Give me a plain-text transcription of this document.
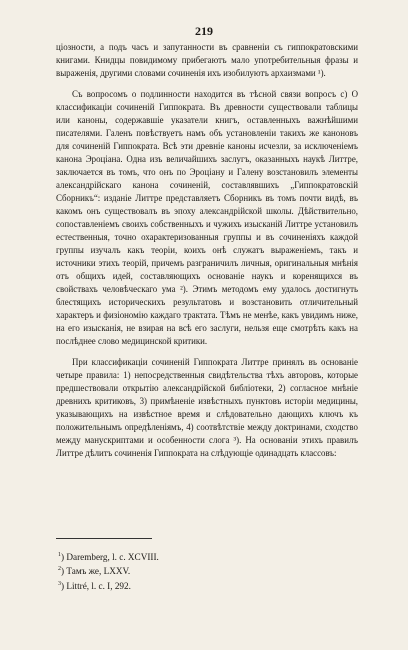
219

ціозности, а подъ часъ и запутанности въ сравненіи съ гиппократовскими книгами. Книдцы повидимому прибегаютъ мало употребительныя фразы и выраженія, другими словами сочиненія ихъ изобилуютъ архаизмами ¹).

Съ вопросомъ о подлинности находится въ тѣсной связи вопросъ с) О классификаціи сочиненій Гиппократа. Въ древности существовали таблицы или каноны, содержавшіе указатели книгъ, оставленныхъ важнѣйшими писателями. Галенъ повѣствуетъ намъ объ установленіи такихъ же каноновъ для сочиненій Гиппократа. Всѣ эти древніе каноны исчезли, за исключеніемъ канона Эроціана. Одна изъ величайшихъ заслугъ, оказанныхъ наукѣ Литтре, заключается въ томъ, что онъ по Эроціану и Галену возстановилъ элементы александрійскаго канона сочиненій, составлявшихъ „Гиппократовскій Сборникъ“: изданіе Литтре представляетъ Сборникъ въ томъ почти видѣ, въ какомъ онъ существовалъ въ эпоху александрійской школы. Дѣйствительно, сопоставленіемъ своихъ собственныхъ и чужихъ изысканій Литтре установилъ естественныя, точно охарактеризованныя группы и въ сочиненіяхъ каждой группы изучалъ какъ теоріи, коихъ онѣ служатъ выраженіемъ, такъ и источники этихъ теорій, причемъ разграничилъ личныя, оригинальныя мнѣнія отъ общихъ идей, составляющихъ основаніе наукъ и коренящихся въ свойствахъ человѣческаго ума ²). Этимъ методомъ ему удалось достигнуть блестящихъ историческихъ результатовъ и возстановить отличительный характеръ и физіономію каждаго трактата. Тѣмъ не менѣе, какъ увидимъ ниже, на его изысканія, не взирая на всѣ его заслуги, нельзя еще смотрѣть какъ на послѣднее слово медицинской критики.

При классификаціи сочиненій Гиппократа Литтре принялъ въ основаніе четыре правила: 1) непосредственныя свидѣтельства тѣхъ авторовъ, которые предшествовали открытію александрійской библіотеки, 2) согласное мнѣніе древнихъ критиковъ, 3) примѣненіе извѣстныхъ пунктовъ исторіи медицины, указывающихъ на извѣстное время и слѣдовательно дающихъ ключъ къ положительнымъ опредѣленіямъ, 4) соотвѣтствіе между доктринами, сходство между манускриптами и особенности слога ³). На основаніи этихъ правилъ Литтре дѣлитъ сочиненія Гиппократа на слѣдующіе одинадцать классовъ:

$^1$) Daremberg, l. c. XCVIII.
$^2$) Тамъ же, LXXV.
$^3$) Littré, l. c. I, 292.
